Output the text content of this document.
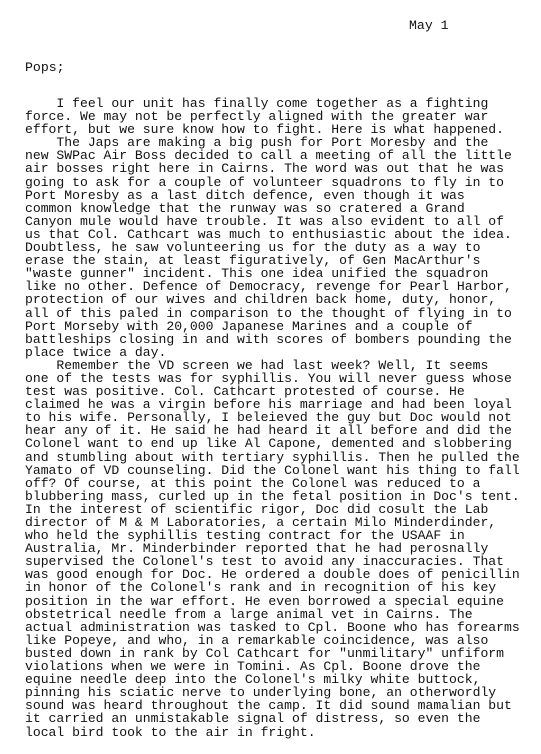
May 1
Pops;
I feel our unit has finally come together as a fighting
force. We may not be perfectly aligned with the greater war
effort, but we sure know how to fight. Here is what happened.
The Japs are making a big push for Port Moresby and the
new SWPac Air Boss decided to call a meeting of all the little
air bosses right here in Cairns. The word was out that he was
going to ask for a couple of volunteer squadrons to fly in to
Port Moresby as a last ditch defence, even though it was
common knowledge that the runway was so cratered a Grand
Canyon mule would have trouble. It was also evident to all of
us that Col. Cathcart was much to enthusiastic about the idea.
Doubtless, he saw volunteering us for the duty as a way to
erase the stain, at least figuratively, of Gen MacArthur's
"waste gunner" incident. This one idea unified the squadron
like no other. Defence of Democracy, revenge for Pearl Harbor,
protection of our wives and children back home, duty, honor,
all of this paled in comparison to the thought of flying in to
Port Morseby with 20,000 Japanese Marines and a couple of
battleships closing in and with scores of bombers pounding the
place twice a day.
Remember the VD screen we had last week? Well, It seems
one of the tests was for syphillis. You will never guess whose
test was positive. Col. Cathcart protested of course. He
claimed he was a virgin before his marriage and had been loyal
to his wife. Personally, I beleieved the guy but Doc would not
hear any of it. He said he had heard it all before and did the
Colonel want to end up like Al Capone, demented and slobbering
and stumbling about with tertiary syphillis. Then he pulled the
Yamato of VD counseling. Did the Colonel want his thing to fall
off? Of course, at this point the Colonel was reduced to a
blubbering mass, curled up in the fetal position in Doc's tent.
In the interest of scientific rigor, Doc did cosult the Lab
director of M & M Laboratories, a certain Milo Minderdinder,
who held the syphillis testing contract for the USAAF in
Australia, Mr. Minderbinder reported that he had perosnally
supervised the Colonel's test to avoid any inaccuracies. That
was good enough for Doc. He ordered a double does of penicillin
in honor of the Colonel's rank and in recognition of his key
position in the war effort. He even borrowed a special equine
obstetrical needle from a large animal vet in Cairns. The
actual administration was tasked to Cpl. Boone who has forearms
like Popeye, and who, in a remarkable coincidence, was also
busted down in rank by Col Cathcart for "unmilitary" unfiform
violations when we were in Tomini. As Cpl. Boone drove the
equine needle deep into the Colonel's milky white buttock,
pinning his sciatic nerve to underlying bone, an otherwordly
sound was heard throughout the camp. It did sound mamalian but
it carried an unmistakable signal of distress, so even the
local bird took to the air in fright.
